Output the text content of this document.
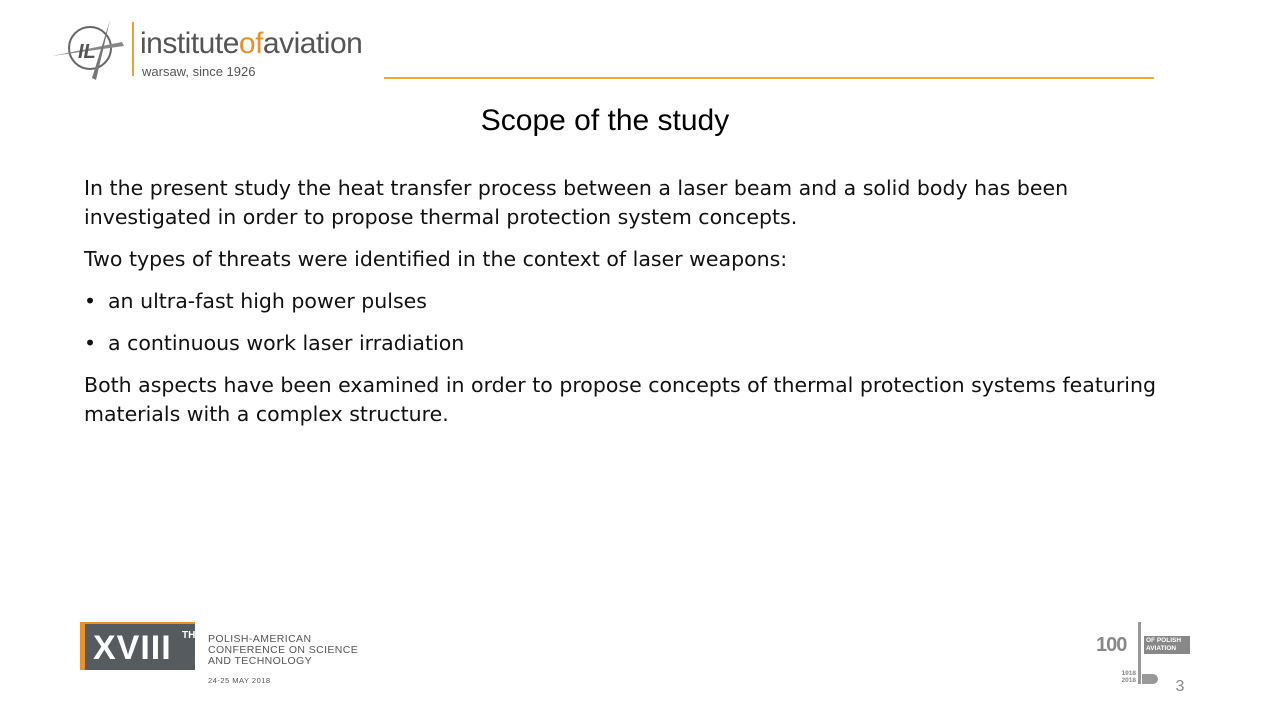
IL instituteofaviation
warsaw, since 1926
Scope of the study

In the present study the heat transfer process between a laser beam and a solid body has been investigated in order to propose thermal protection system concepts.

Two types of threats were identified in the context of laser weapons:

• an ultra-fast high power pulses

• a continuous work laser irradiation

Both aspects have been examined in order to propose concepts of thermal protection systems featuring materials with a complex structure.

XVIII TH POLISH-AMERICAN
CONFERENCE ON SCIENCE
AND TECHNOLOGY
24-25 MAY 2018
100	OF POLISH
AVIATION
1918
2018	3
